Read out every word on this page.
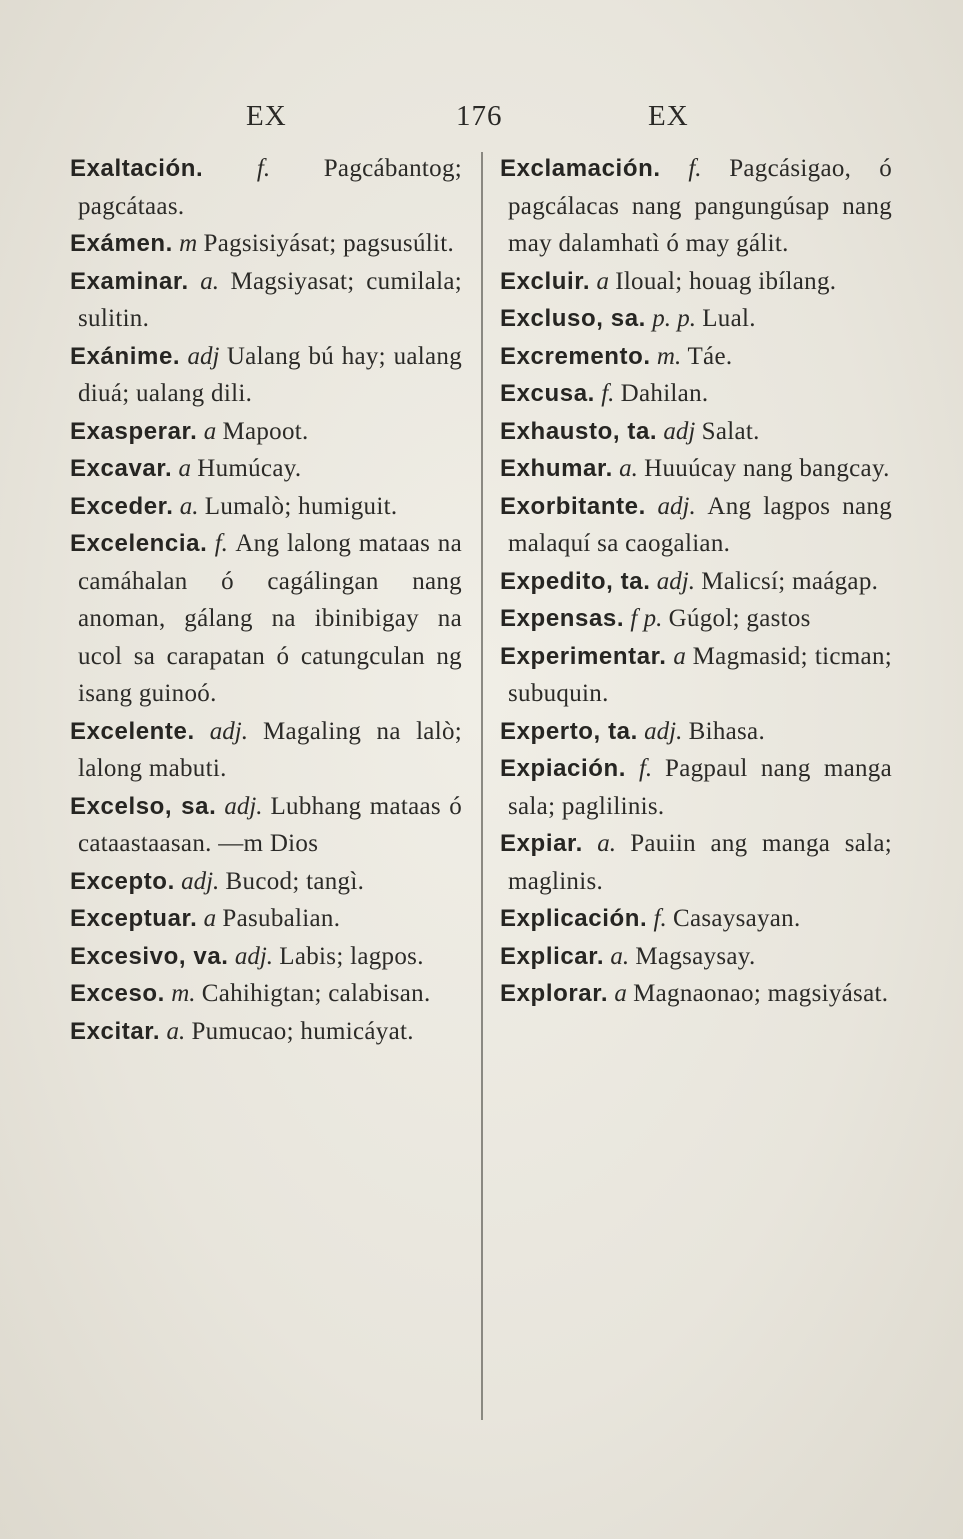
EX	176	EX

Exaltación. f. Pagcábantog; pagcátaas.

Exámen. m Pagsisiyásat; pagsusúlit.

Examinar. a. Magsiyasat; cumilala; sulitin.

Exánime. adj Ualang bú hay; ualang diuá; ualang dili.

Exasperar. a Mapoot.

Excavar. a Humúcay.

Exceder. a. Lumalò; humiguit.

Excelencia. f. Ang lalong mataas na camáhalan ó cagálingan nang anoman, gálang na ibinibigay na ucol sa carapatan ó catungculan ng isang guinoó.

Excelente. adj. Magaling na lalò; lalong mabuti.

Excelso, sa. adj. Lubhang mataas ó cataastaasan. —m Dios

Excepto. adj. Bucod; tangì.

Exceptuar. a Pasubalian.

Excesivo, va. adj. Labis; lagpos.

Exceso. m. Cahihigtan; calabisan.

Excitar. a. Pumucao; humicáyat.

Exclamación. f. Pagcásigao, ó pagcálacas nang pangungúsap nang may dalamhatì ó may gálit.

Excluir. a Iloual; houag ibílang.

Excluso, sa. p. p. Lual.

Excremento. m. Táe.

Excusa. f. Dahilan.

Exhausto, ta. adj Salat.

Exhumar. a. Huuúcay nang bangcay.

Exorbitante. adj. Ang lagpos nang malaquí sa caogalian.

Expedito, ta. adj. Malicsí; maágap.

Expensas. f p. Gúgol; gastos

Experimentar. a Magmasid; ticman; subuquin.

Experto, ta. adj. Bihasa.

Expiación. f. Pagpaul nang manga sala; paglilinis.

Expiar. a. Pauiin ang manga sala; maglinis.

Explicación. f. Casaysayan.

Explicar. a. Magsaysay.

Explorar. a Magnaonao; magsiyásat.
